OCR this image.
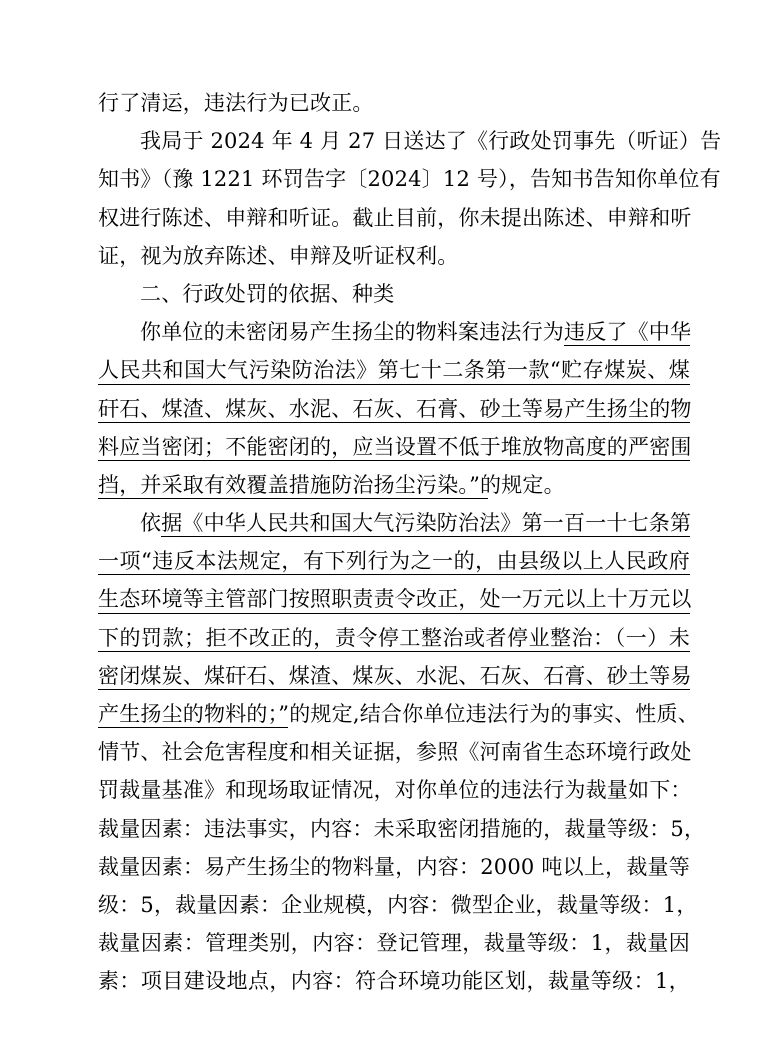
行了清运，违法行为已改正。
我局于 2024 年 4 月 27 日送达了《行政处罚事先（听证）告
知书》（豫 1221 环罚告字〔2024〕12 号），告知书告知你单位有
权进行陈述、申辩和听证。截止目前，你未提出陈述、申辩和听
证，视为放弃陈述、申辩及听证权利。
二、行政处罚的依据、种类
你单位的未密闭易产生扬尘的物料案违法行为违反了《中华
人民共和国大气污染防治法》第七十二条第一款“贮存煤炭、煤
矸石、煤渣、煤灰、水泥、石灰、石膏、砂土等易产生扬尘的物
料应当密闭；不能密闭的，应当设置不低于堆放物高度的严密围
挡，并采取有效覆盖措施防治扬尘污染。”的规定。
依据《中华人民共和国大气污染防治法》第一百一十七条第
一项“违反本法规定，有下列行为之一的，由县级以上人民政府
生态环境等主管部门按照职责责令改正，处一万元以上十万元以
下的罚款；拒不改正的，责令停工整治或者停业整治：（一）未
密闭煤炭、煤矸石、煤渣、煤灰、水泥、石灰、石膏、砂土等易
产生扬尘的物料的；”的规定,结合你单位违法行为的事实、性质、
情节、社会危害程度和相关证据，参照《河南省生态环境行政处
罚裁量基准》和现场取证情况，对你单位的违法行为裁量如下：
裁量因素：违法事实，内容：未采取密闭措施的，裁量等级：5，
裁量因素：易产生扬尘的物料量，内容：2000 吨以上，裁量等
级：5，裁量因素：企业规模，内容：微型企业，裁量等级：1，
裁量因素：管理类别，内容：登记管理，裁量等级：1，裁量因
素：项目建设地点，内容：符合环境功能区划，裁量等级：1，
